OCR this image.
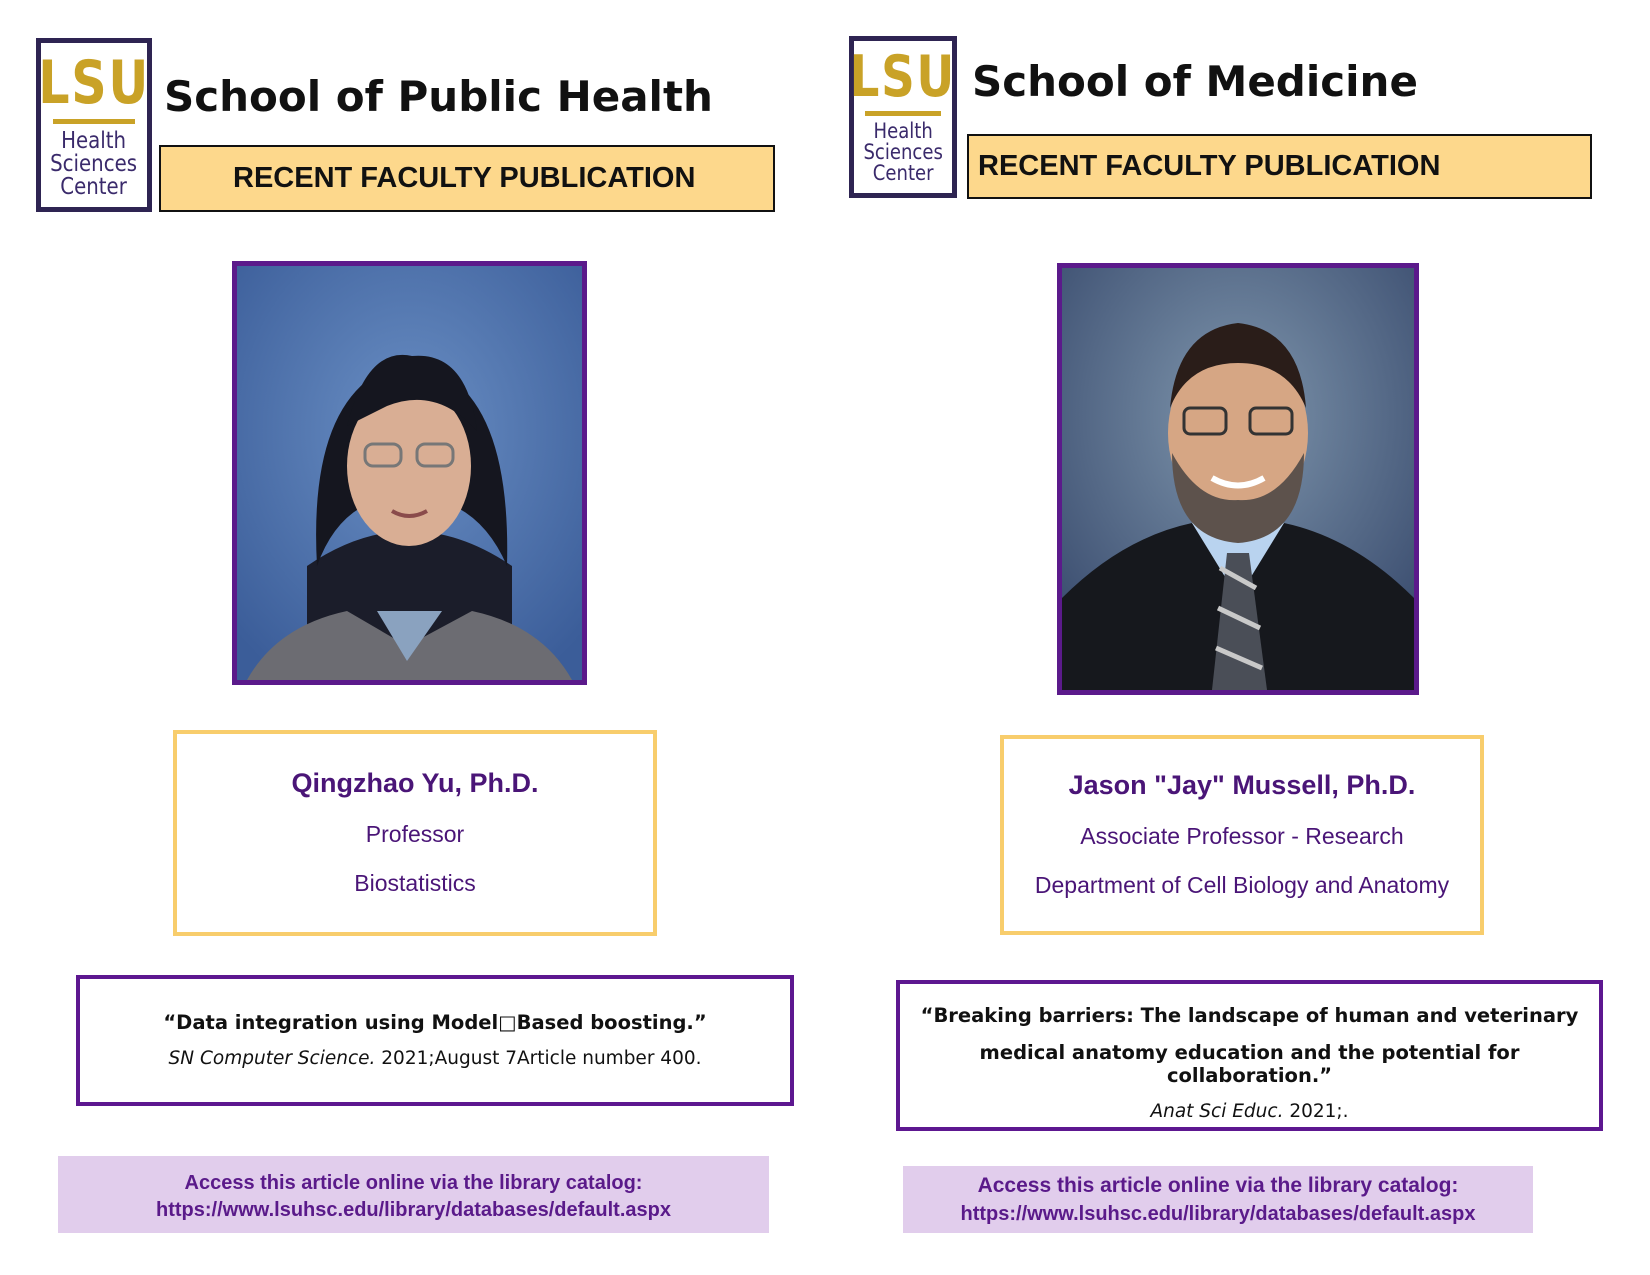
LSU
Health
Sciences
Center
School of Public Health
RECENT FACULTY PUBLICATION
Qingzhao Yu, Ph.D.
Professor
Biostatistics
“Data integration using Model□Based boosting.”
SN Computer Science. 2021;August 7Article number 400.
Access this article online via the library catalog:
https://www.lsuhsc.edu/library/databases/default.aspx
LSU
Health
Sciences
Center
School of Medicine
RECENT FACULTY PUBLICATION
Jason "Jay" Mussell, Ph.D.
Associate Professor - Research
Department of Cell Biology and Anatomy
“Breaking barriers: The landscape of human and veterinary
medical anatomy education and the potential for collaboration.”
Anat Sci Educ. 2021;.
Access this article online via the library catalog:
https://www.lsuhsc.edu/library/databases/default.aspx
